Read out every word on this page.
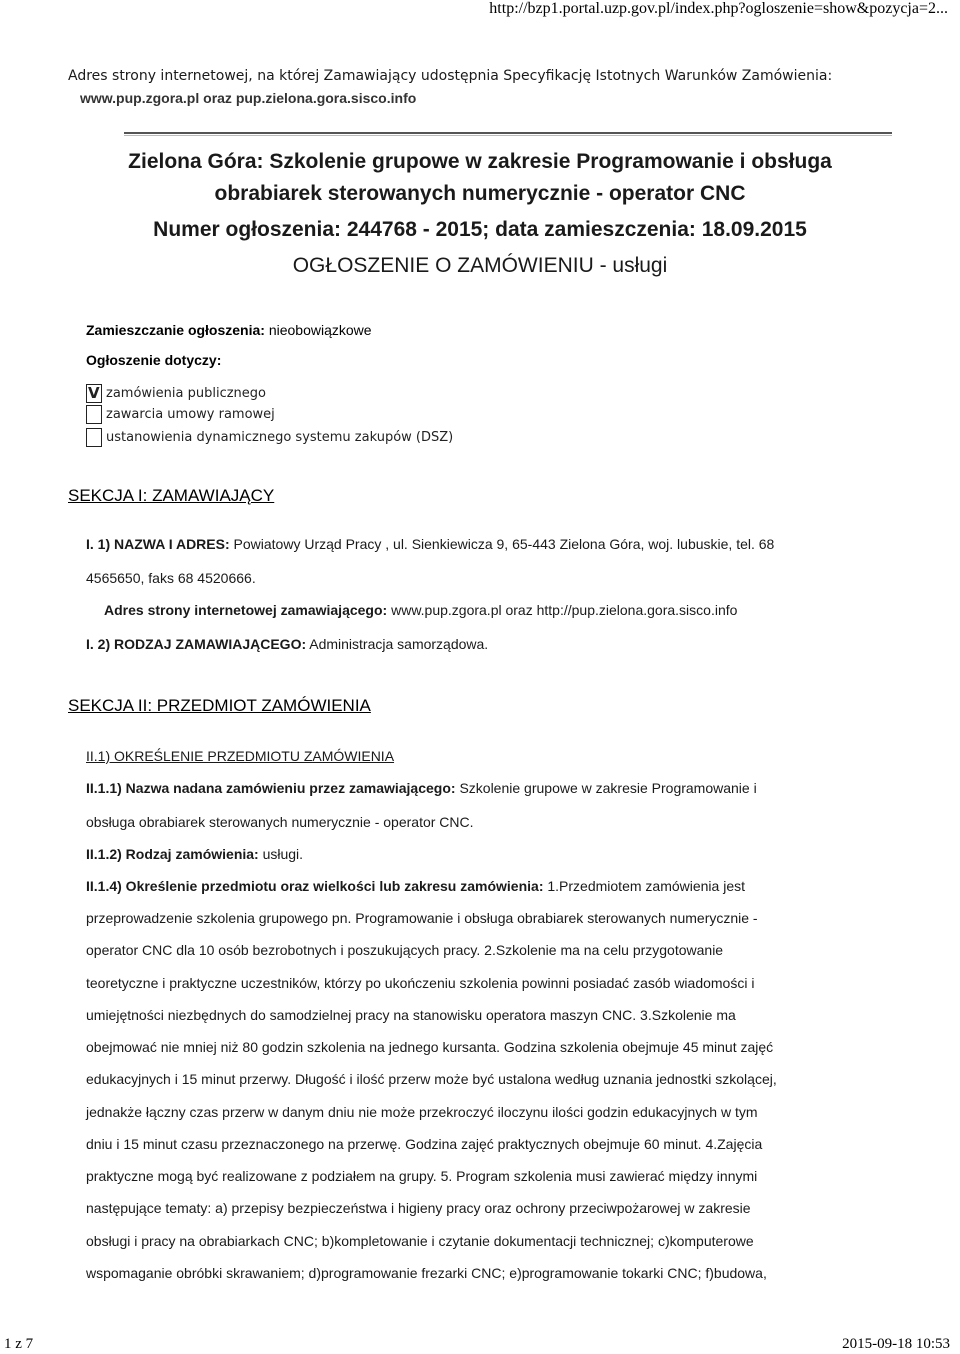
http://bzp1.portal.uzp.gov.pl/index.php?ogloszenie=show&pozycja=2...
Adres strony internetowej, na której Zamawiający udostępnia Specyfikację Istotnych Warunków Zamówienia:
www.pup.zgora.pl oraz pup.zielona.gora.sisco.info
Zielona Góra: Szkolenie grupowe w zakresie Programowanie i obsługa
obrabiarek sterowanych numerycznie - operator CNC
Numer ogłoszenia: 244768 - 2015; data zamieszczenia: 18.09.2015
OGŁOSZENIE O ZAMÓWIENIU - usługi
Zamieszczanie ogłoszenia: nieobowiązkowe
Ogłoszenie dotyczy:
V zamówienia publicznego
zawarcia umowy ramowej
ustanowienia dynamicznego systemu zakupów (DSZ)
SEKCJA I: ZAMAWIAJĄCY
I. 1) NAZWA I ADRES: Powiatowy Urząd Pracy , ul. Sienkiewicza 9, 65-443 Zielona Góra, woj. lubuskie, tel. 68
4565650, faks 68 4520666.
Adres strony internetowej zamawiającego: www.pup.zgora.pl oraz http://pup.zielona.gora.sisco.info
I. 2) RODZAJ ZAMAWIAJĄCEGO: Administracja samorządowa.
SEKCJA II: PRZEDMIOT ZAMÓWIENIA
II.1) OKREŚLENIE PRZEDMIOTU ZAMÓWIENIA
II.1.1) Nazwa nadana zamówieniu przez zamawiającego: Szkolenie grupowe w zakresie Programowanie i
obsługa obrabiarek sterowanych numerycznie - operator CNC.
II.1.2) Rodzaj zamówienia: usługi.
II.1.4) Określenie przedmiotu oraz wielkości lub zakresu zamówienia: 1.Przedmiotem zamówienia jest
przeprowadzenie szkolenia grupowego pn. Programowanie i obsługa obrabiarek sterowanych numerycznie -
operator CNC dla 10 osób bezrobotnych i poszukujących pracy. 2.Szkolenie ma na celu przygotowanie
teoretyczne i praktyczne uczestników, którzy po ukończeniu szkolenia powinni posiadać zasób wiadomości i
umiejętności niezbędnych do samodzielnej pracy na stanowisku operatora maszyn CNC. 3.Szkolenie ma
obejmować nie mniej niż 80 godzin szkolenia na jednego kursanta. Godzina szkolenia obejmuje 45 minut zajęć
edukacyjnych i 15 minut przerwy. Długość i ilość przerw może być ustalona według uznania jednostki szkolącej,
jednakże łączny czas przerw w danym dniu nie może przekroczyć iloczynu ilości godzin edukacyjnych w tym
dniu i 15 minut czasu przeznaczonego na przerwę. Godzina zajęć praktycznych obejmuje 60 minut. 4.Zajęcia
praktyczne mogą być realizowane z podziałem na grupy. 5. Program szkolenia musi zawierać między innymi
następujące tematy: a) przepisy bezpieczeństwa i higieny pracy oraz ochrony przeciwpożarowej w zakresie
obsługi i pracy na obrabiarkach CNC; b)kompletowanie i czytanie dokumentacji technicznej; c)komputerowe
wspomaganie obróbki skrawaniem; d)programowanie frezarki CNC; e)programowanie tokarki CNC; f)budowa,
1 z 7	2015-09-18 10:53
